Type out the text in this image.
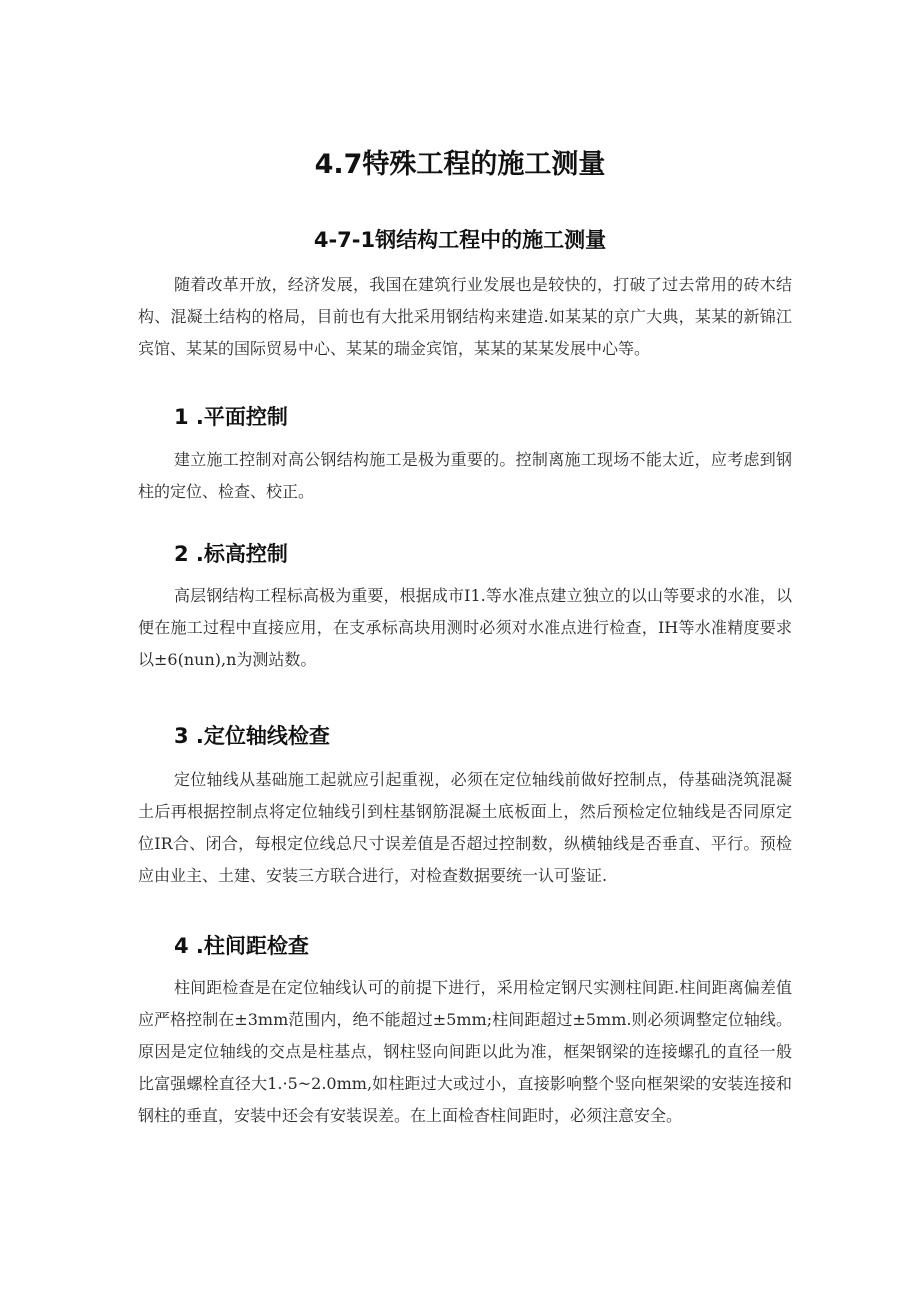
4.7特殊工程的施工测量
4-7-1钢结构工程中的施工测量

随着改革开放，经济发展，我国在建筑行业发展也是较快的，打破了过去常用的砖木结构、混凝土结构的格局，目前也有大批采用钢结构来建造.如某某的京广大典，某某的新锦江宾馆、某某的国际贸易中心、某某的瑞金宾馆，某某的某某发展中心等。

1 .平面控制

建立施工控制对高公钢结构施工是极为重要的。控制离施工现场不能太近，应考虑到钢柱的定位、检查、校正。

2 .标高控制

高层钢结构工程标高极为重要，根据成市I1.等水准点建立独立的以山等要求的水准，以便在施工过程中直接应用，在支承标高块用测时必须对水准点进行检查，IH等水准精度要求以±6(nun),n为测站数。

3 .定位轴线检查

定位轴线从基础施工起就应引起重视，必须在定位轴线前做好控制点，侍基础浇筑混凝土后再根据控制点将定位轴线引到柱基钢筋混凝土底板面上，然后预检定位轴线是否同原定位IR合、闭合，每根定位线总尺寸误差值是否超过控制数，纵横轴线是否垂直、平行。预检应由业主、土建、安装三方联合进行，对检查数据要统一认可鉴证.

4 .柱间距检查

柱间距检查是在定位轴线认可的前提下进行，采用检定钢尺实测柱间距.柱间距离偏差值应严格控制在±3mm范围内，绝不能超过±5mm;柱间距超过±5mm.则必须调整定位轴线。原因是定位轴线的交点是柱基点，钢柱竖向间距以此为准，框架钢梁的连接螺孔的直径一般比富强螺栓直径大1.·5~2.0mm,如柱距过大或过小，直接影响整个竖向框架梁的安装连接和钢柱的垂直，安装中还会有安装误差。在上面检杳柱间距时，必须注意安全。
